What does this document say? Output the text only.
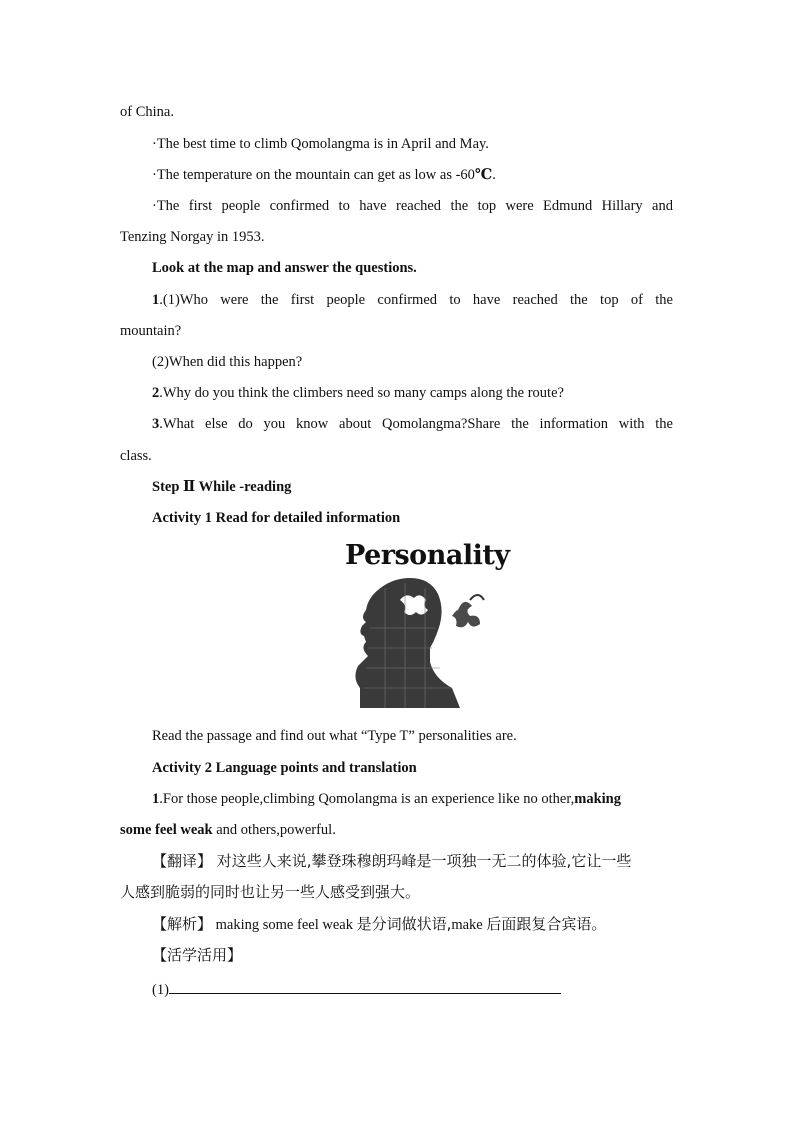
of China.
·The best time to climb Qomolangma is in April and May.
·The temperature on the mountain can get as low as -60℃.
·The first people confirmed to have reached the top were Edmund Hillary and
Tenzing Norgay in 1953.
Look at the map and answer the questions.
1.(1)Who were the first people confirmed to have reached the top of the
mountain?
(2)When did this happen?
2.Why do you think the climbers need so many camps along the route?
3.What else do you know about Qomolangma?Share the information with the
class.
Step Ⅱ While -reading
Activity 1 Read for detailed information
Personality
Read the passage and find out what “Type T” personalities are.
Activity 2 Language points and translation
1.For those people,climbing Qomolangma is an experience like no other,making
some feel weak and others,powerful.
【翻译】 对这些人来说,攀登珠穆朗玛峰是一项独一无二的体验,它让一些
人感到脆弱的同时也让另一些人感受到强大。
【解析】 making some feel weak 是分词做状语,make 后面跟复合宾语。
【活学活用】
(1)
